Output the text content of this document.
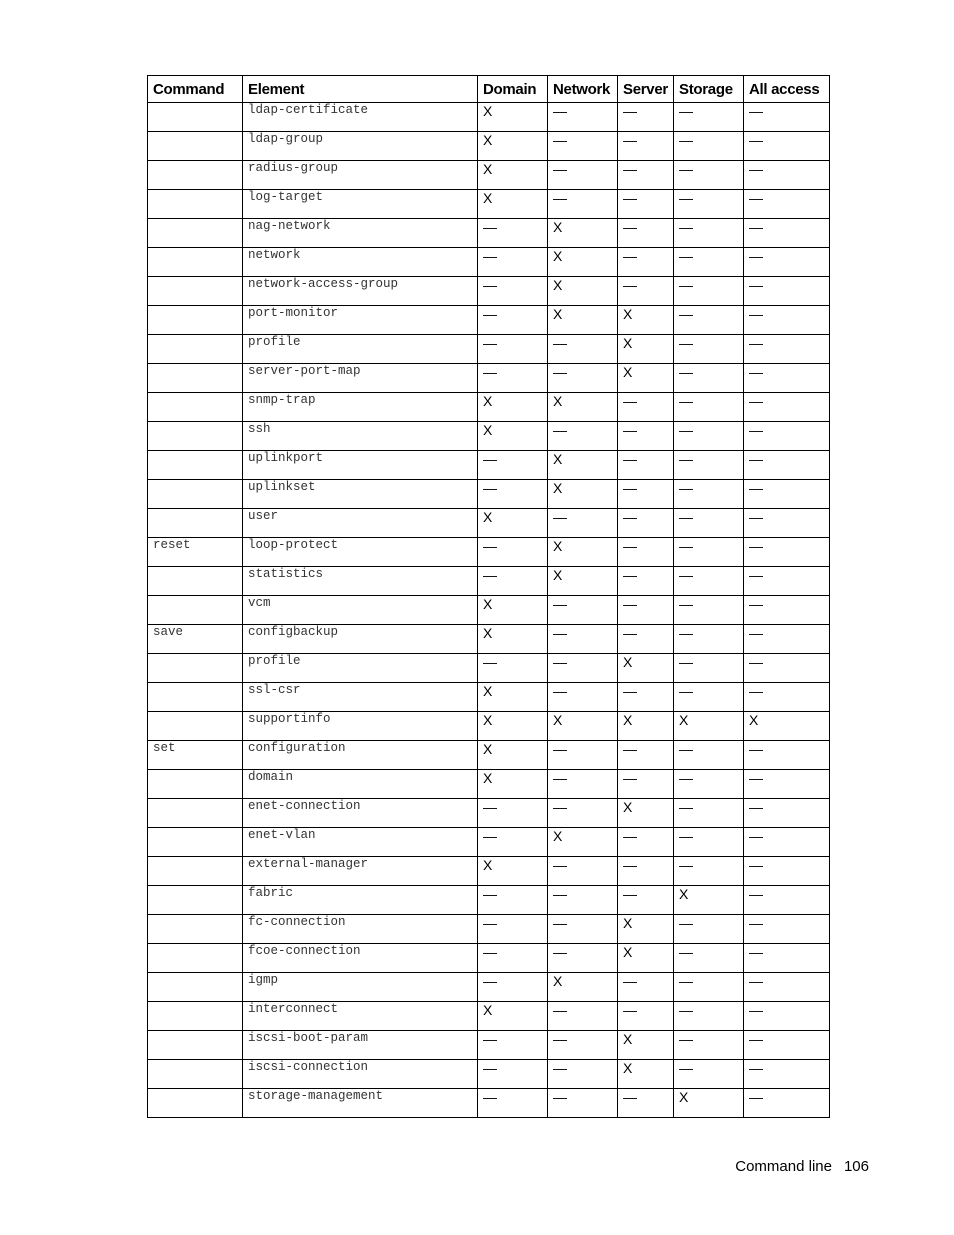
Command	Element	Domain	Network	Server	Storage	All access
	ldap-certificate	X	—	—	—	—
	ldap-group	X	—	—	—	—
	radius-group	X	—	—	—	—
	log-target	X	—	—	—	—
	nag-network	—	X	—	—	—
	network	—	X	—	—	—
	network-access-group	—	X	—	—	—
	port-monitor	—	X	X	—	—
	profile	—	—	X	—	—
	server-port-map	—	—	X	—	—
	snmp-trap	X	X	—	—	—
	ssh	X	—	—	—	—
	uplinkport	—	X	—	—	—
	uplinkset	—	X	—	—	—
	user	X	—	—	—	—
reset	loop-protect	—	X	—	—	—
	statistics	—	X	—	—	—
	vcm	X	—	—	—	—
save	configbackup	X	—	—	—	—
	profile	—	—	X	—	—
	ssl-csr	X	—	—	—	—
	supportinfo	X	X	X	X	X
set	configuration	X	—	—	—	—
	domain	X	—	—	—	—
	enet-connection	—	—	X	—	—
	enet-vlan	—	X	—	—	—
	external-manager	X	—	—	—	—
	fabric	—	—	—	X	—
	fc-connection	—	—	X	—	—
	fcoe-connection	—	—	X	—	—
	igmp	—	X	—	—	—
	interconnect	X	—	—	—	—
	iscsi-boot-param	—	—	X	—	—
	iscsi-connection	—	—	X	—	—
	storage-management	—	—	—	X	—
Command line 106
